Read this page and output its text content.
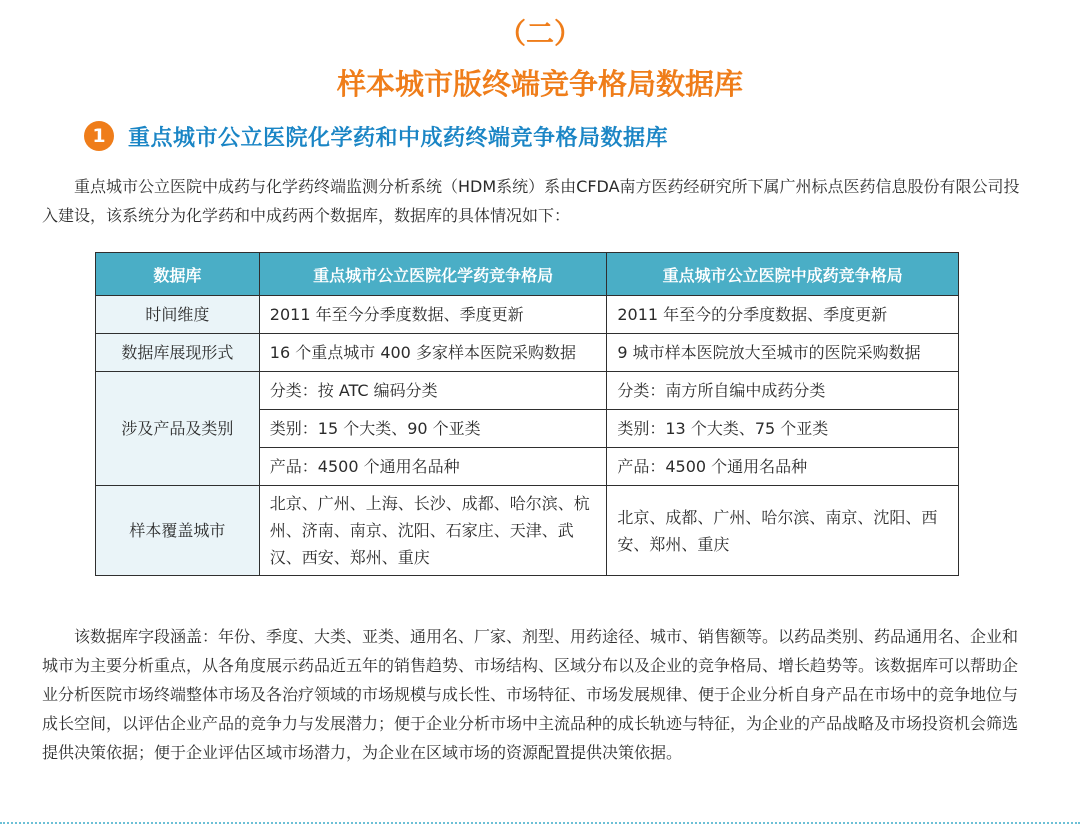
（二）
样本城市版终端竞争格局数据库
1	重点城市公立医院化学药和中成药终端竞争格局数据库

重点城市公立医院中成药与化学药终端监测分析系统（HDM系统）系由CFDA南方医药经研究所下属广州标点医药信息股份有限公司投入建设，该系统分为化学药和中成药两个数据库，数据库的具体情况如下：

数据库	重点城市公立医院化学药竞争格局	重点城市公立医院中成药竞争格局
时间维度	2011 年至今分季度数据、季度更新	2011 年至今的分季度数据、季度更新
数据库展现形式	16 个重点城市 400 多家样本医院采购数据	9 城市样本医院放大至城市的医院采购数据
涉及产品及类别	分类：按 ATC 编码分类	分类：南方所自编中成药分类
	类别：15 个大类、90 个亚类	类别：13 个大类、75 个亚类
	产品：4500 个通用名品种	产品：4500 个通用名品种
样本覆盖城市	北京、广州、上海、长沙、成都、哈尔滨、杭州、济南、南京、沈阳、石家庄、天津、武汉、西安、郑州、重庆	北京、成都、广州、哈尔滨、南京、沈阳、西安、郑州、重庆

该数据库字段涵盖：年份、季度、大类、亚类、通用名、厂家、剂型、用药途径、城市、销售额等。以药品类别、药品通用名、企业和城市为主要分析重点，从各角度展示药品近五年的销售趋势、市场结构、区域分布以及企业的竞争格局、增长趋势等。该数据库可以帮助企业分析医院市场终端整体市场及各治疗领域的市场规模与成长性、市场特征、市场发展规律、便于企业分析自身产品在市场中的竞争地位与成长空间，以评估企业产品的竞争力与发展潜力；便于企业分析市场中主流品种的成长轨迹与特征，为企业的产品战略及市场投资机会筛选提供决策依据；便于企业评估区域市场潜力，为企业在区域市场的资源配置提供决策依据。
